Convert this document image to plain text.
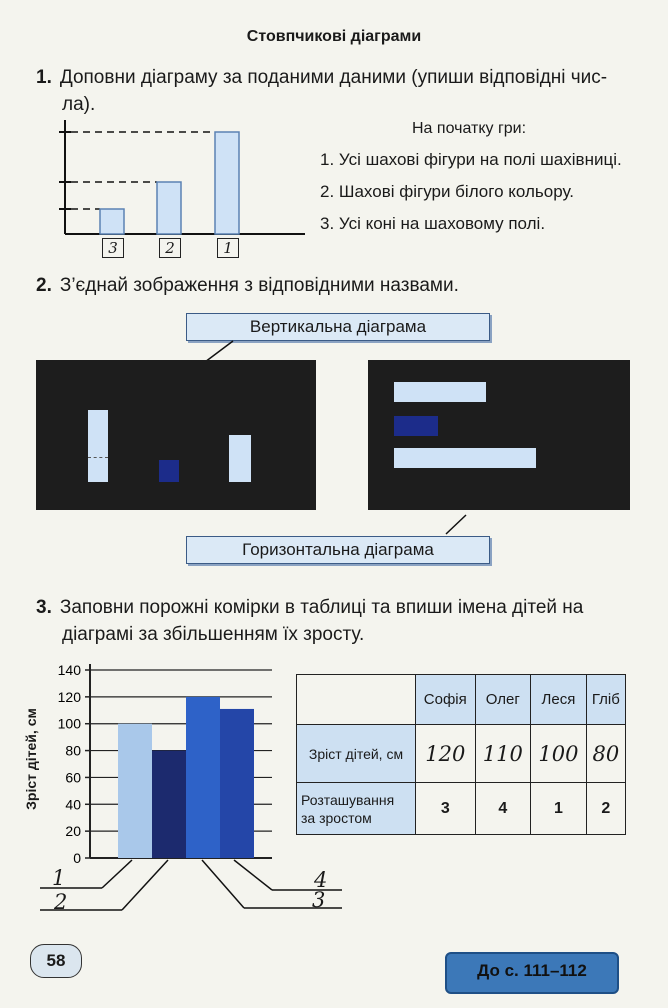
Стовпчикові діаграми
1. Доповни діаграму за поданими даними (упиши відповідні чис-
ла).
3	2	1
На початку гри:
1. Усі шахові фігури на полі шахівниці.
2. Шахові фігури білого кольору.
3. Усі коні на шаховому полі.
2. З’єднай зображення з відповідними назвами.
Вертикальна діаграма
Горизонтальна діаграма
3. Заповни порожні комірки в таблиці та впиши імена дітей на
діаграмі за збільшенням їх зросту.
Зріст дітей, см
0
20
40
60
80
100
120
140
1
2	3
4
	Софія	Олег	Леся	Гліб
Зріст дітей, см	120	110	100	80

Розташування
за зростом	3	4	1	2
58
До с. 111–112
